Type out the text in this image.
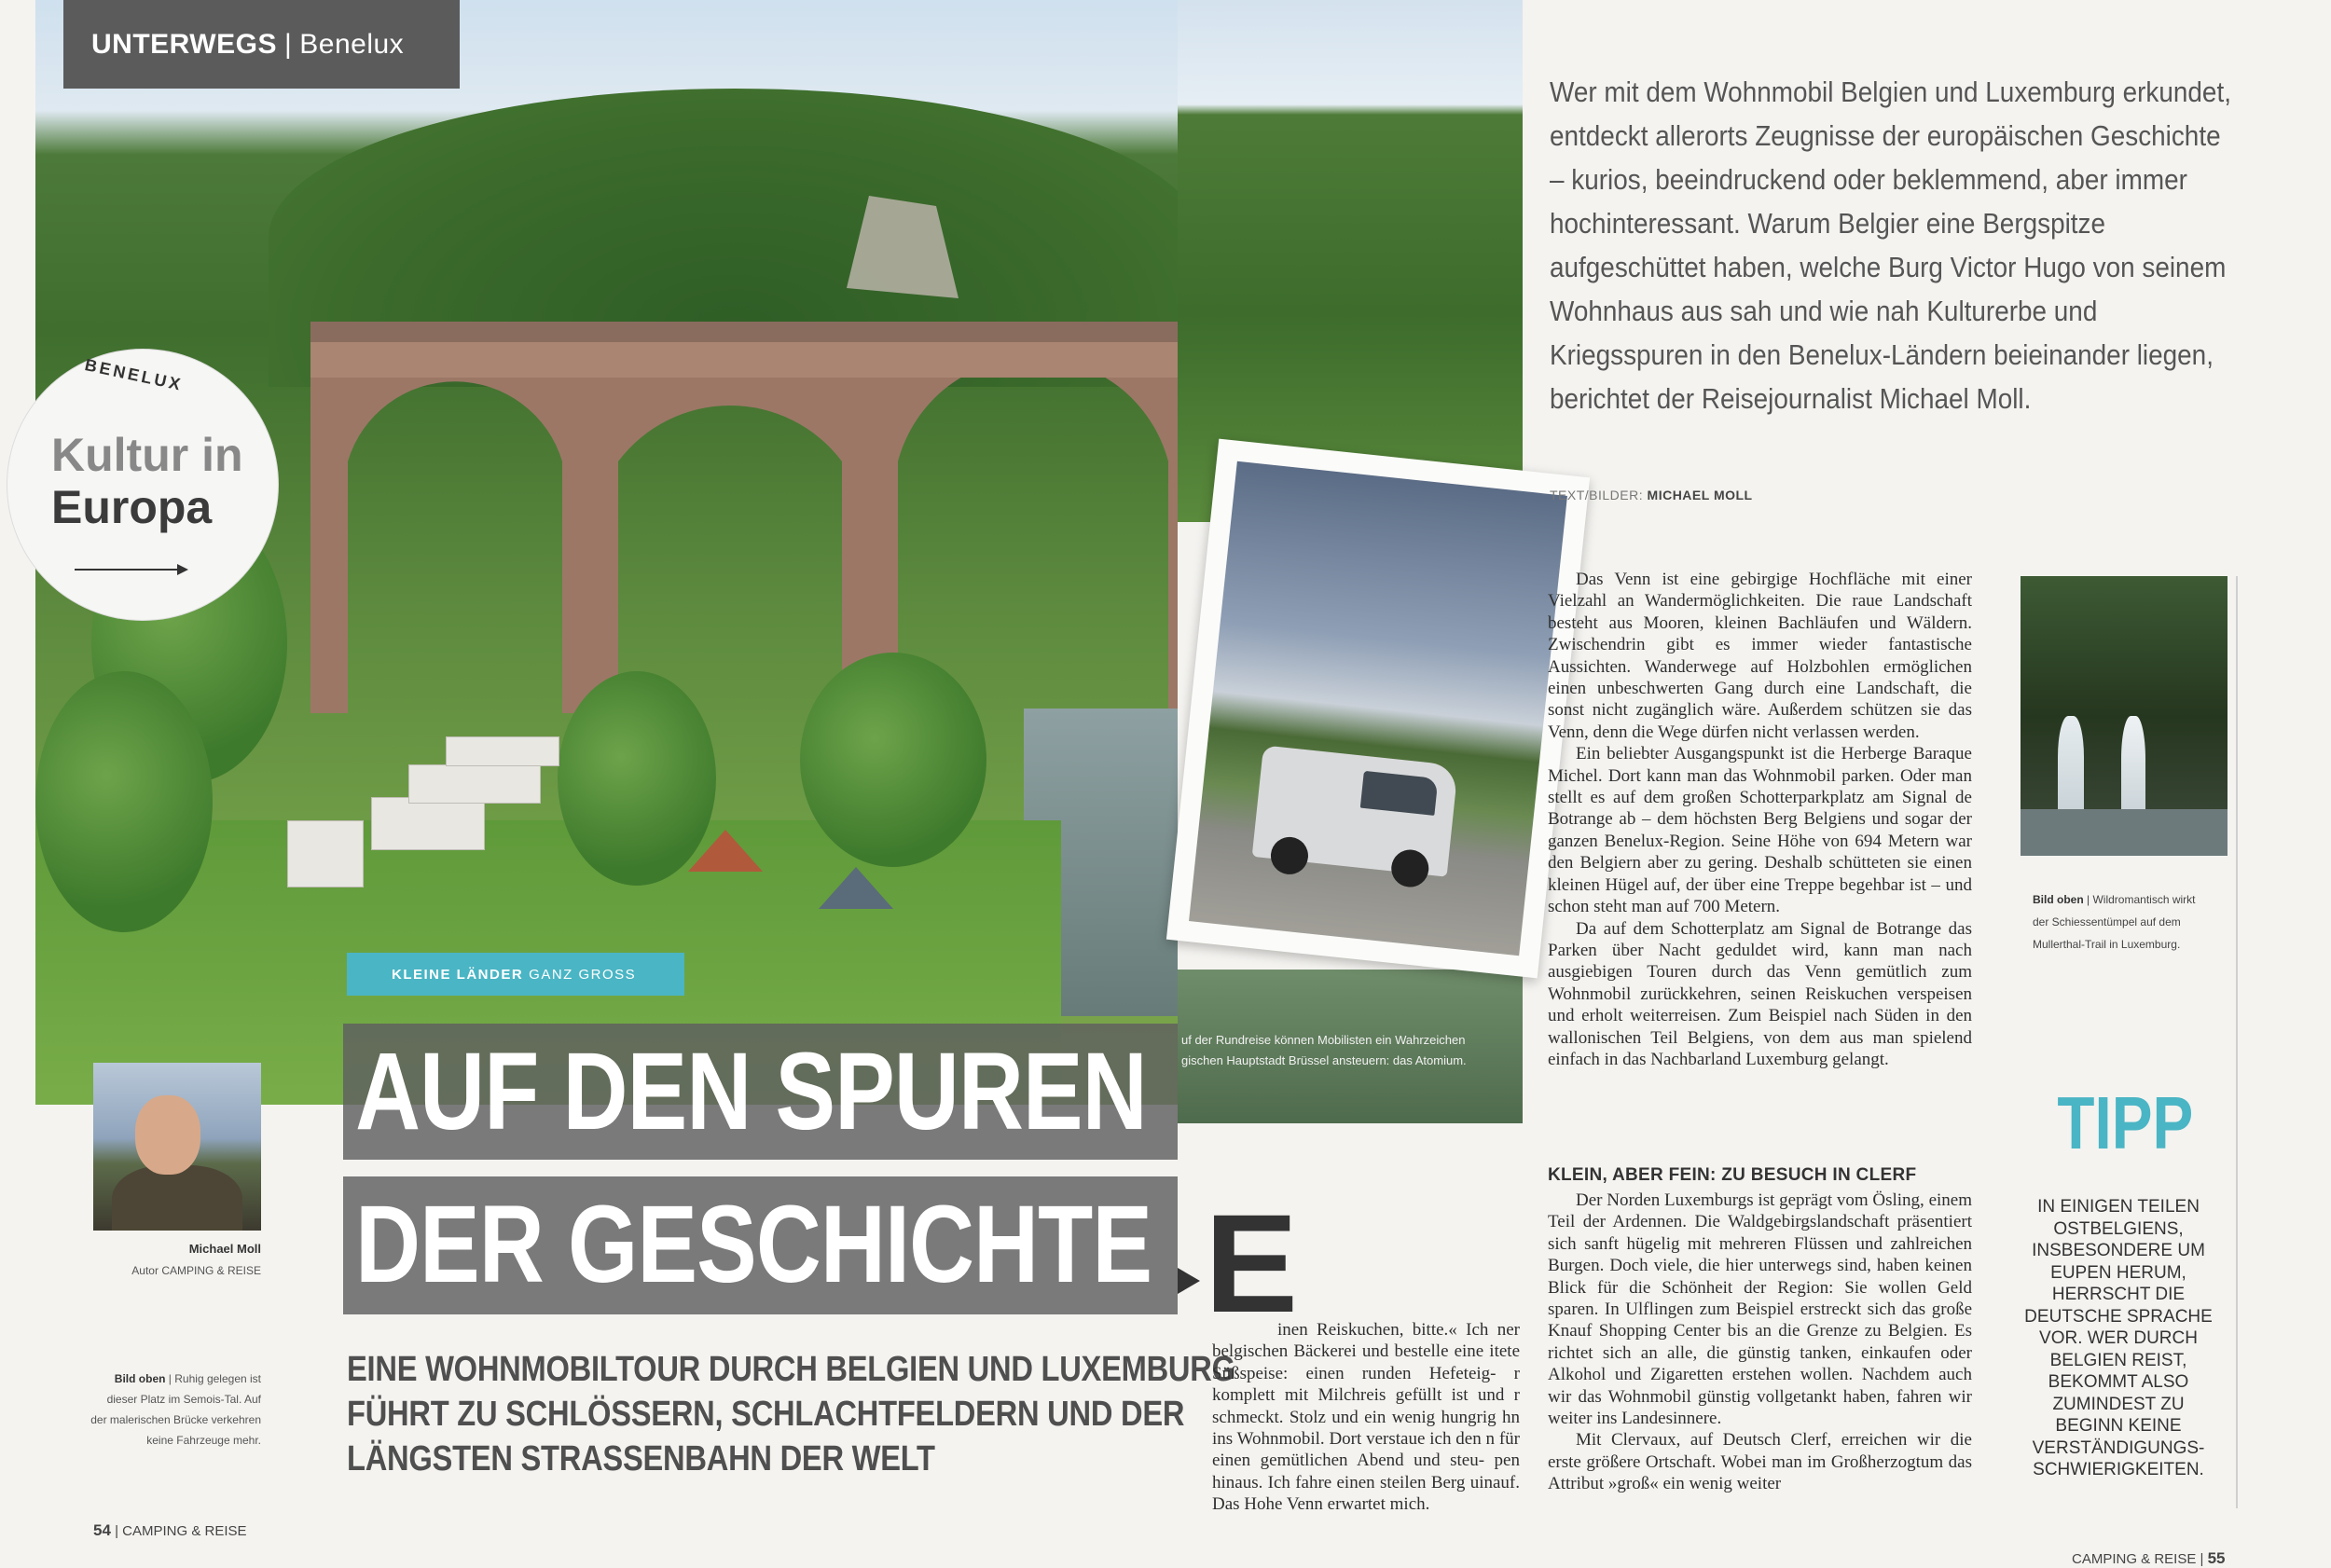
uf der Rundreise können Mobilisten ein Wahrzeichen
gischen Hauptstadt Brüssel ansteuern: das Atomium.
UNTERWEGS | Benelux
BENELUX
Kultur in
Europa
KLEINE LÄNDER GANZ GROSS
AUF DEN SPUREN
DER GESCHICHTE
EINE WOHNMOBILTOUR DURCH BELGIEN UND LUXEMBURG
FÜHRT ZU SCHLÖSSERN, SCHLACHTFELDERN UND DER
LÄNGSTEN STRASSENBAHN DER WELT
E

inen Reiskuchen, bitte.« Ich ner belgischen Bäckerei und bestelle eine itete Süßspeise: einen runden Hefeteig- r komplett mit Milchreis gefüllt ist und r schmeckt. Stolz und ein wenig hungrig hn ins Wohnmobil. Dort verstaue ich den n für einen gemütlichen Abend und steu- pen hinaus. Ich fahre einen steilen Berg uinauf. Das Hohe Venn erwartet mich.

Michael Moll
Autor CAMPING & REISE
Bild oben | Ruhig gelegen ist dieser Platz im Semois-Tal. Auf der malerischen Brücke verkehren keine Fahrzeuge mehr.
54 | CAMPING & REISE
Wer mit dem Wohnmobil Belgien und Luxemburg erkundet, entdeckt allerorts Zeugnisse der europäischen Geschichte – kurios, beeindruckend oder beklemmend, aber immer hochinteressant. Warum Belgier eine Bergspitze aufgeschüttet haben, welche Burg Victor Hugo von seinem Wohnhaus aus sah und wie nah Kulturerbe und Kriegsspuren in den Benelux-Ländern beieinander liegen, berichtet der Reisejournalist Michael Moll.
TEXT/BILDER: MICHAEL MOLL

Das Venn ist eine gebirgige Hochfläche mit einer Vielzahl an Wandermöglichkeiten. Die raue Landschaft besteht aus Mooren, kleinen Bachläufen und Wäldern. Zwischendrin gibt es immer wieder fantastische Aussichten. Wanderwege auf Holzbohlen ermöglichen einen unbeschwerten Gang durch eine Landschaft, die sonst nicht zugänglich wäre. Außerdem schützen sie das Venn, denn die Wege dürfen nicht verlassen werden.

Ein beliebter Ausgangspunkt ist die Herberge Baraque Michel. Dort kann man das Wohnmobil parken. Oder man stellt es auf dem großen Schotterparkplatz am Signal de Botrange ab – dem höchsten Berg Belgiens und sogar der ganzen Benelux-Region. Seine Höhe von 694 Metern war den Belgiern aber zu gering. Deshalb schütteten sie einen kleinen Hügel auf, der über eine Treppe begehbar ist – und schon steht man auf 700 Metern.

Da auf dem Schotterplatz am Signal de Botrange das Parken über Nacht geduldet wird, kann man nach ausgiebigen Touren durch das Venn gemütlich zum Wohnmobil zurückkehren, seinen Reiskuchen verspeisen und erholt weiterreisen. Zum Beispiel nach Süden in den wallonischen Teil Belgiens, von dem aus man spielend einfach in das Nachbarland Luxemburg gelangt.

KLEIN, ABER FEIN: ZU BESUCH IN CLERF

Der Norden Luxemburgs ist geprägt vom Ösling, einem Teil der Ardennen. Die Waldgebirgslandschaft präsentiert sich sanft hügelig mit mehreren Flüssen und zahlreichen Burgen. Doch viele, die hier unterwegs sind, haben keinen Blick für die Schönheit der Region: Sie wollen Geld sparen. In Ulflingen zum Beispiel erstreckt sich das große Knauf Shopping Center bis an die Grenze zu Belgien. Es richtet sich an alle, die günstig tanken, einkaufen oder Alkohol und Zigaretten erstehen wollen. Nachdem auch wir das Wohnmobil günstig vollgetankt haben, fahren wir weiter ins Landesinnere.

Mit Clervaux, auf Deutsch Clerf, erreichen wir die erste größere Ortschaft. Wobei man im Großherzogtum das Attribut »groß« ein wenig weiter

Bild oben | Wildromantisch wirkt der Schiessentümpel auf dem Mullerthal-Trail in Luxemburg.
TIPP
IN EINIGEN TEILEN OSTBELGIENS, INSBESONDERE UM EUPEN HERUM, HERRSCHT DIE DEUTSCHE SPRACHE VOR. WER DURCH BELGIEN REIST, BEKOMMT ALSO ZUMINDEST ZU BEGINN KEINE VERSTÄNDIGUNGS-SCHWIERIGKEITEN.
CAMPING & REISE | 55
